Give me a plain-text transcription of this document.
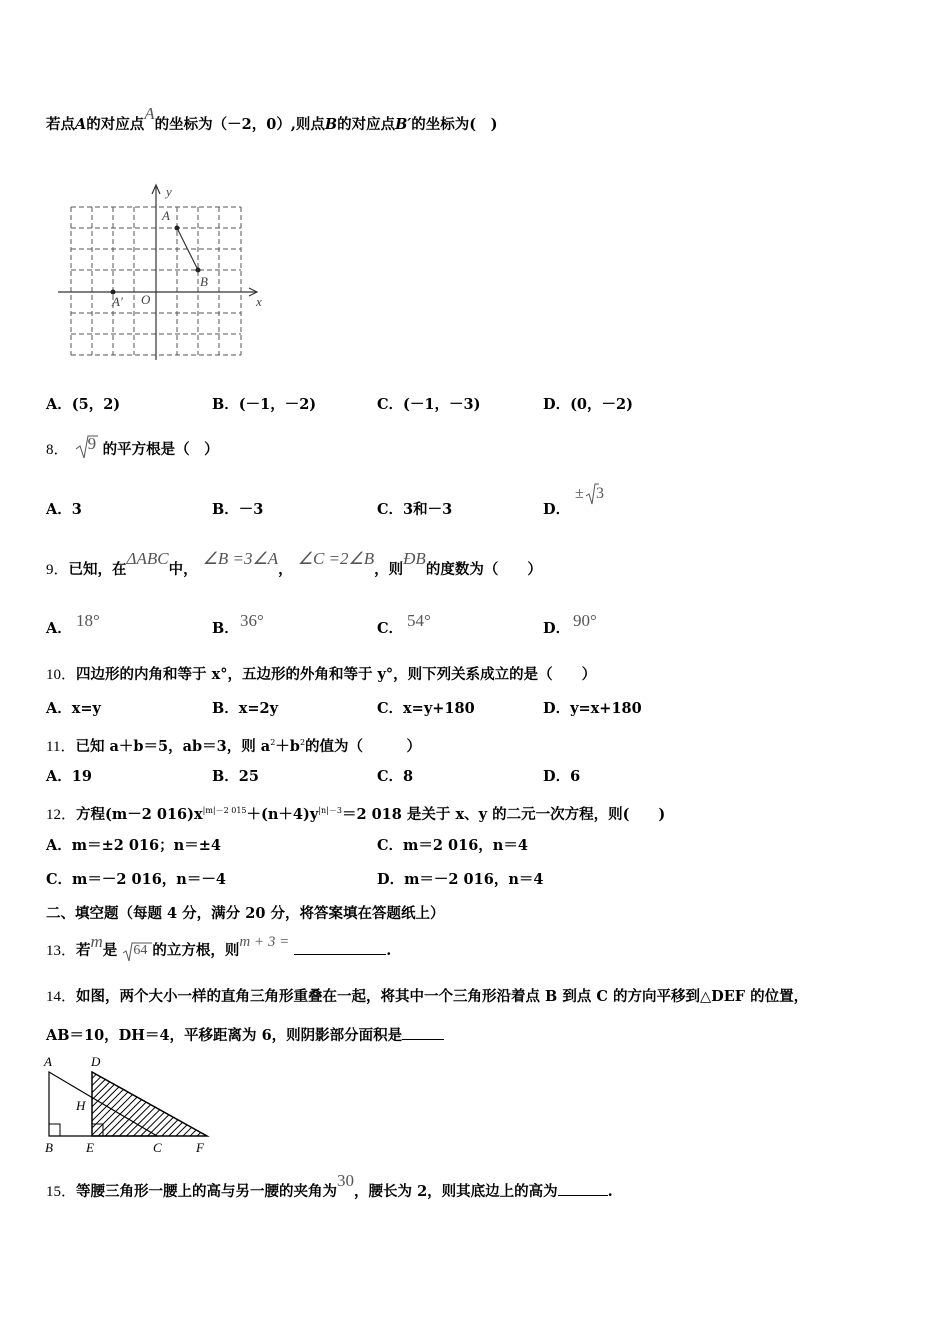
若点A的对应点A的坐标为（－2，0）,则点B的对应点B′的坐标为(　)
y
x
A
B
A′ O
A．(5，2)	B．(－1，－2)	C．(－1，－3)	D．(0，－2)
8． 9 的平方根是（　）
A．3	B．－3	C．3和－3	D．
± 3
9．已知，在ΔABC中， ∠B =3∠A， ∠C =2∠B，则ÐB的度数为（　　）
A． 18°	B． 36°	C． 54°	D． 90°
10．四边形的内角和等于 x°，五边形的外角和等于 y°，则下列关系成立的是（　　）
A．x=y	B．x=2y	C．x=y+180	D．y=x+180
11．已知 a＋b＝5，ab＝3，则 $a^2+b^2$的值为（　　　）
A．19	B．25	C．8	D．6
12．方程(m－2 $016)x^{|m|-2 015}+(n+4)y^{|n|-3}=2$ 018 是关于 x、y 的二元一次方程，则(　　)
A．m＝±2 016；n＝±4	C．m＝2 016，n＝4
C．m＝－2 016，n＝－4	D．m＝－2 016，n＝4
二、填空题（每题 4 分，满分 20 分，将答案填在答题纸上）
13．若m是 64 的立方根，则m + 3 =	.
14．如图，两个大小一样的直角三角形重叠在一起，将其中一个三角形沿着点 B 到点 C 的方向平移到△DEF 的位置，
AB＝10，DH＝4，平移距离为 6，则阴影部分面积是
A	D
H
B	E	C	F
15．等腰三角形一腰上的高与另一腰的夹角为30，腰长为 2，则其底边上的高为	.
